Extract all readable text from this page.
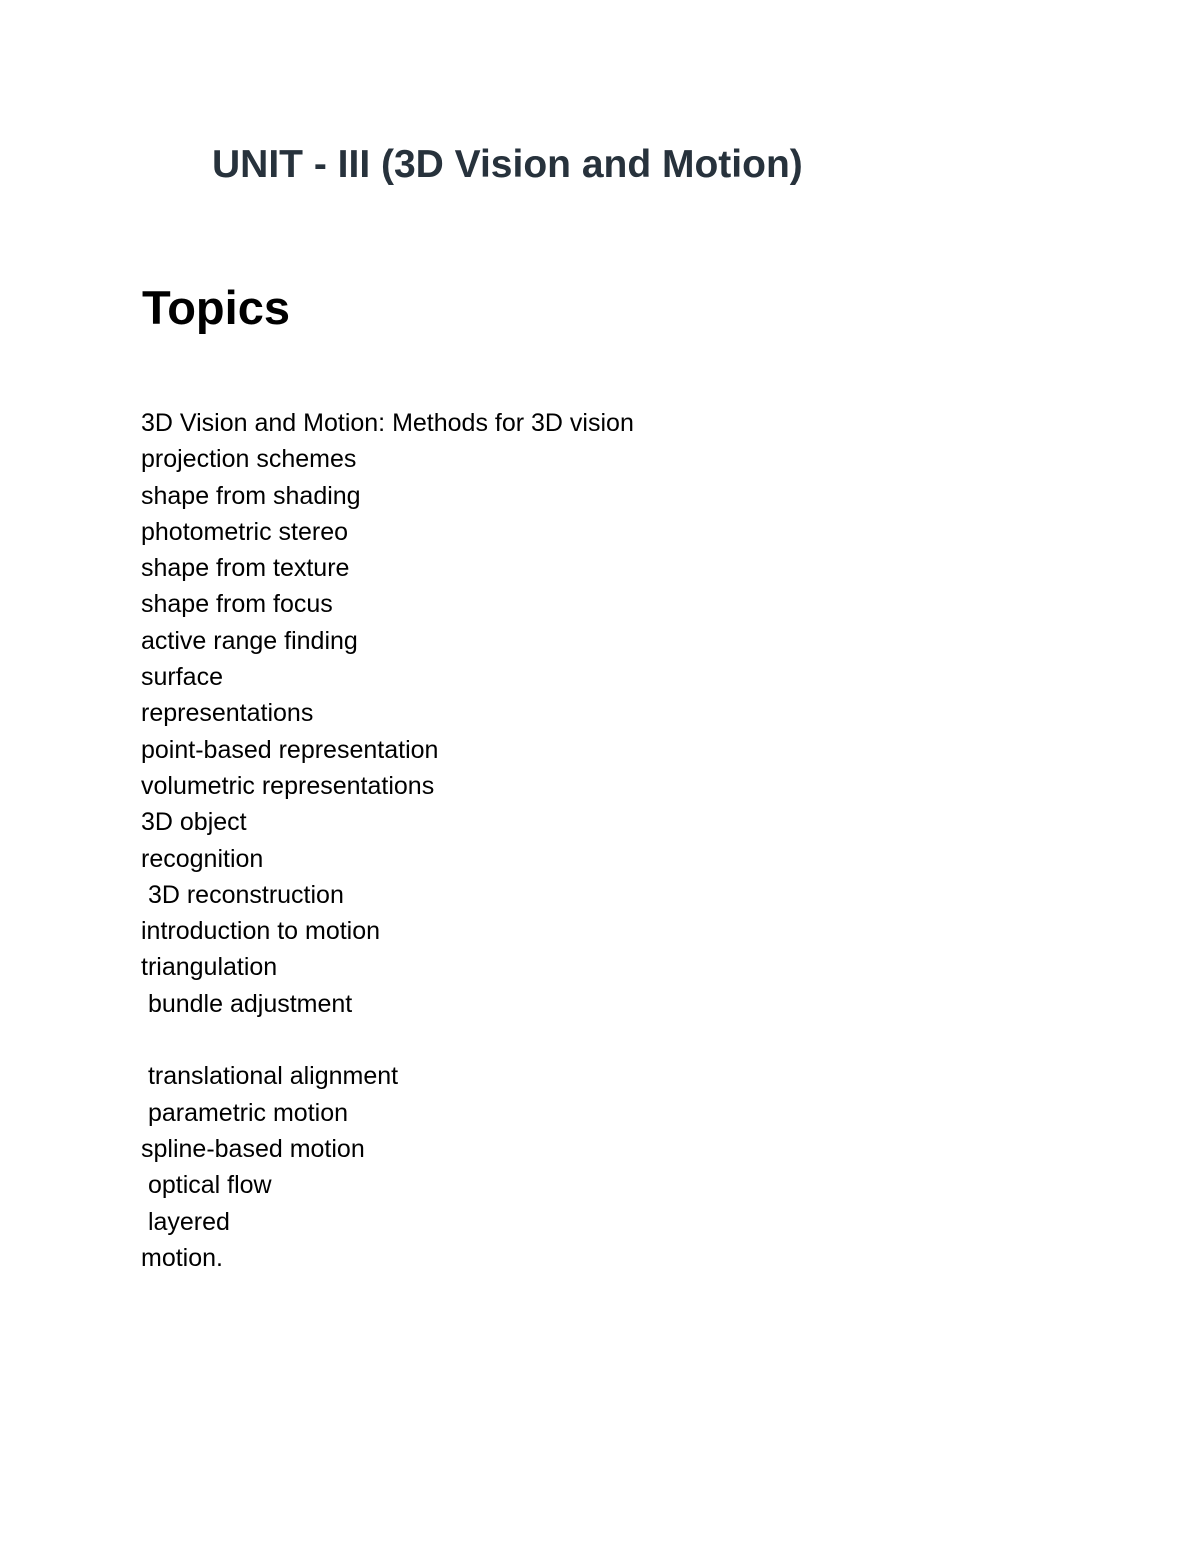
UNIT - III (3D Vision and Motion)
Topics
3D Vision and Motion: Methods for 3D vision
projection schemes
shape from shading
photometric stereo
shape from texture
shape from focus
active range finding
surface
representations
point-based representation
volumetric representations
3D object
recognition
3D reconstruction
introduction to motion
triangulation
bundle adjustment
translational alignment
parametric motion
spline-based motion
optical flow
layered
motion.
